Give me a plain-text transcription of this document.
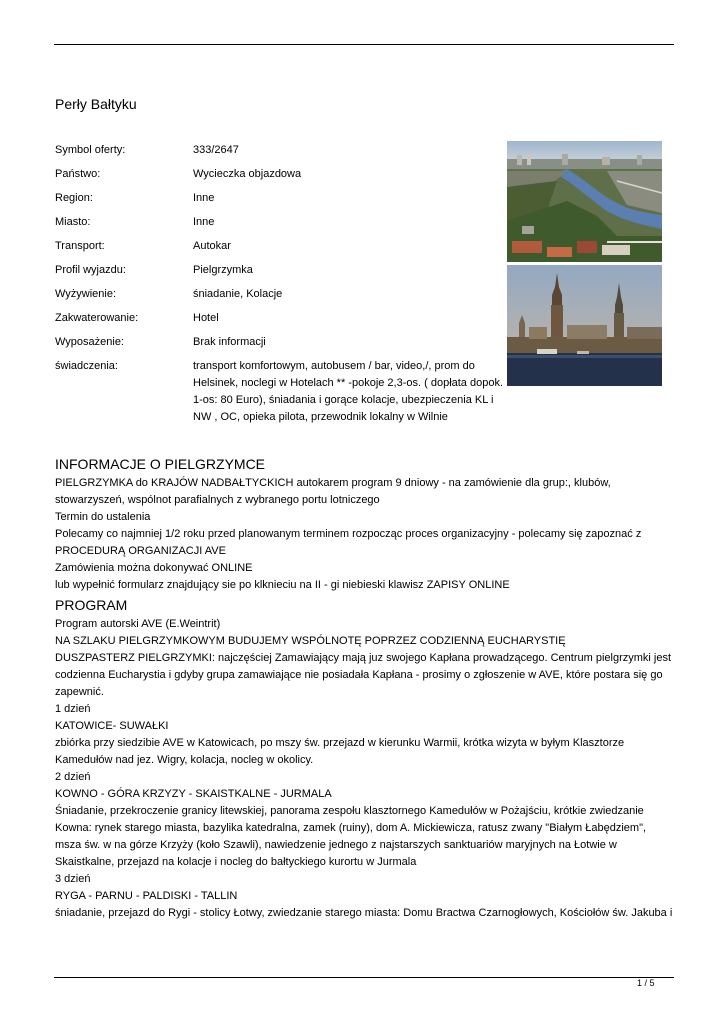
Perły Bałtyku
Symbol oferty:	333/2647
Państwo:	Wycieczka objazdowa
Region:	Inne
Miasto:	Inne
Transport:	Autokar
Profil wyjazdu:	Pielgrzymka
Wyżywienie:	śniadanie, Kolacje
Zakwaterowanie:	Hotel
Wyposażenie:	Brak informacji
świadczenia:	transport komfortowym, autobusem / bar, video,/, prom do Helsinek, noclegi w Hotelach ** -pokoje 2,3-os. ( dopłata dopok. 1-os: 80 Euro), śniadania i gorące kolacje, ubezpieczenia KL i NW , OC, opieka pilota, przewodnik lokalny w Wilnie
INFORMACJE O PIELGRZYMCE

PIELGRZYMKA do KRAJÓW NADBAŁTYCKICH autokarem program 9 dniowy - na zamówienie dla grup:, klubów, stowarzyszeń, wspólnot parafialnych z wybranego portu lotniczego

Termin do ustalenia

Polecamy co najmniej 1/2 roku przed planowanym terminem rozpocząc proces organizacyjny - polecamy się zapoznać z PROCEDURĄ ORGANIZACJI AVE

Zamówienia można dokonywać ONLINE

lub wypełnić formularz znajdujący sie po klknieciu na II - gi niebieski klawisz ZAPISY ONLINE

PROGRAM

Program autorski AVE (E.Weintrit)

NA SZLAKU PIELGRZYMKOWYM BUDUJEMY WSPÓLNOTĘ POPRZEZ CODZIENNĄ EUCHARYSTIĘ

DUSZPASTERZ PIELGRZYMKI: najczęściej Zamawiający mają juz swojego Kapłana prowadzącego. Centrum pielgrzymki jest codzienna Eucharystia i gdyby grupa zamawiające nie posiadała Kapłana - prosimy o zgłoszenie w AVE, które postara się go zapewnić.

1 dzień

KATOWICE- SUWAŁKI

zbiórka przy siedzibie AVE w Katowicach, po mszy św. przejazd w kierunku Warmii, krótka wizyta w byłym Klasztorze Kamedułów nad jez. Wigry, kolacja, nocleg w okolicy.

2 dzień

KOWNO - GÓRA KRZYZY - SKAISTKALNE - JURMALA

Śniadanie, przekroczenie granicy litewskiej, panorama zespołu klasztornego Kamedułów w Pożajściu, krótkie zwiedzanie Kowna: rynek starego miasta, bazylika katedralna, zamek (ruiny), dom A. Mickiewicza, ratusz zwany "Białym Łabędziem", msza św. w na górze Krzyży (koło Szawli), nawiedzenie jednego z najstarszych sanktuariów maryjnych na Łotwie w Skaistkalne, przejazd na kolacje i nocleg do bałtyckiego kurortu w Jurmala

3 dzień

RYGA - PARNU - PALDISKI - TALLIN

śniadanie, przejazd do Rygi - stolicy Łotwy, zwiedzanie starego miasta: Domu Bractwa Czarnogłowych, Kościołów św. Jakuba i

1 / 5
